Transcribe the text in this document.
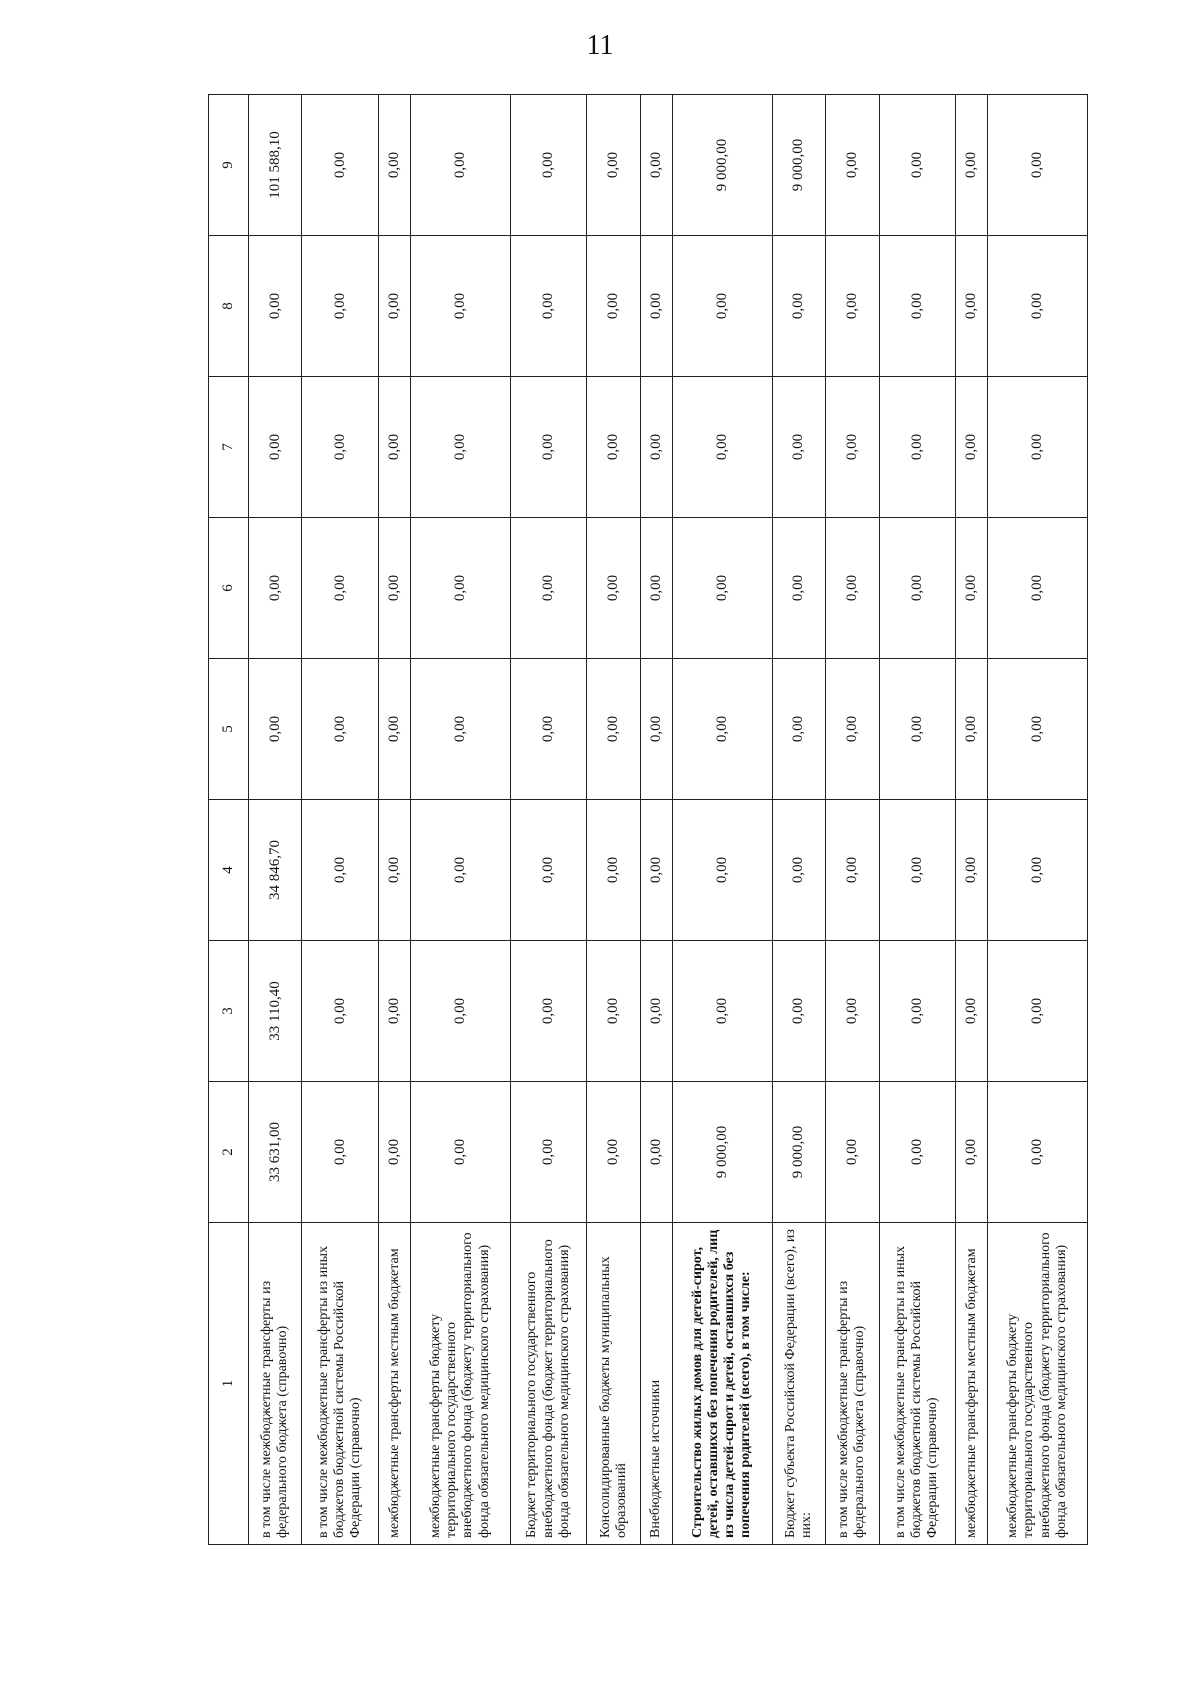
11
1	2	3	4	5	6	7	8	9
в том числе межбюджетные трансферты из федерального бюджета (справочно)	33 631,00	33 110,40	34 846,70	0,00	0,00	0,00	0,00	101 588,10
в том числе межбюджетные трансферты из иных бюджетов бюджетной системы Российской Федерации (справочно)	0,00	0,00	0,00	0,00	0,00	0,00	0,00	0,00
межбюджетные трансферты местным бюджетам	0,00	0,00	0,00	0,00	0,00	0,00	0,00	0,00
межбюджетные трансферты бюджету территориального государственного внебюджетного фонда (бюджету территориального фонда обязательного медицинского страхования)	0,00	0,00	0,00	0,00	0,00	0,00	0,00	0,00
Бюджет территориального государственного внебюджетного фонда (бюджет территориального фонда обязательного медицинского страхования)	0,00	0,00	0,00	0,00	0,00	0,00	0,00	0,00
Консолидированные бюджеты муниципальных образований	0,00	0,00	0,00	0,00	0,00	0,00	0,00	0,00
Внебюджетные источники	0,00	0,00	0,00	0,00	0,00	0,00	0,00	0,00
Строительство жилых домов для детей-сирот, детей, оставшихся без попечения родителей, лиц из числа детей-сирот и детей, оставшихся без попечения родителей (всего), в том числе:	9 000,00	0,00	0,00	0,00	0,00	0,00	0,00	9 000,00
Бюджет субъекта Российской Федерации (всего), из них:	9 000,00	0,00	0,00	0,00	0,00	0,00	0,00	9 000,00
в том числе межбюджетные трансферты из федерального бюджета (справочно)	0,00	0,00	0,00	0,00	0,00	0,00	0,00	0,00
в том числе межбюджетные трансферты из иных бюджетов бюджетной системы Российской Федерации (справочно)	0,00	0,00	0,00	0,00	0,00	0,00	0,00	0,00
межбюджетные трансферты местным бюджетам	0,00	0,00	0,00	0,00	0,00	0,00	0,00	0,00
межбюджетные трансферты бюджету территориального государственного внебюджетного фонда (бюджету территориального фонда обязательного медицинского страхования)	0,00	0,00	0,00	0,00	0,00	0,00	0,00	0,00
